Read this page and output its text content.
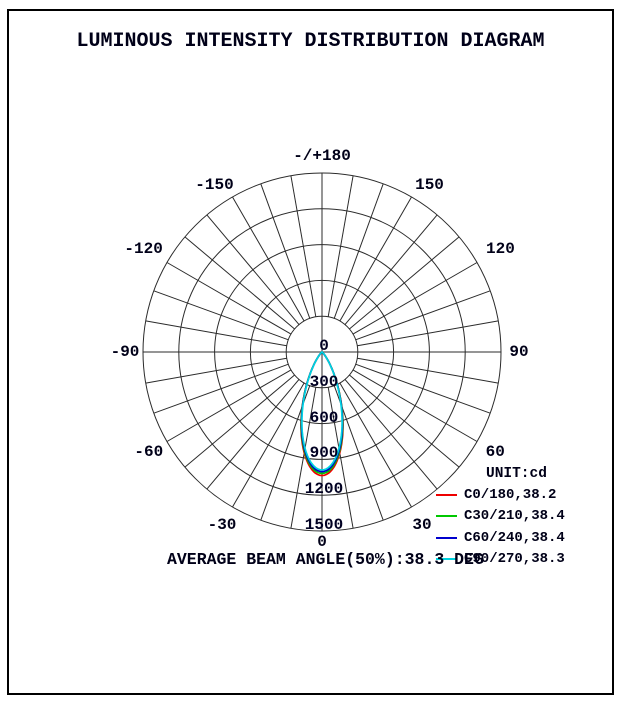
LUMINOUS INTENSITY DISTRIBUTION DIAGRAM
0
30
60
90
120
150
-/+180
-150
-120
-90
-60
-30
0
300
600
900
1200
1500
UNIT:cd
C0/180,38.2
C30/210,38.4
C60/240,38.4
C90/270,38.3
AVERAGE BEAM ANGLE(50%):38.3 DEG
